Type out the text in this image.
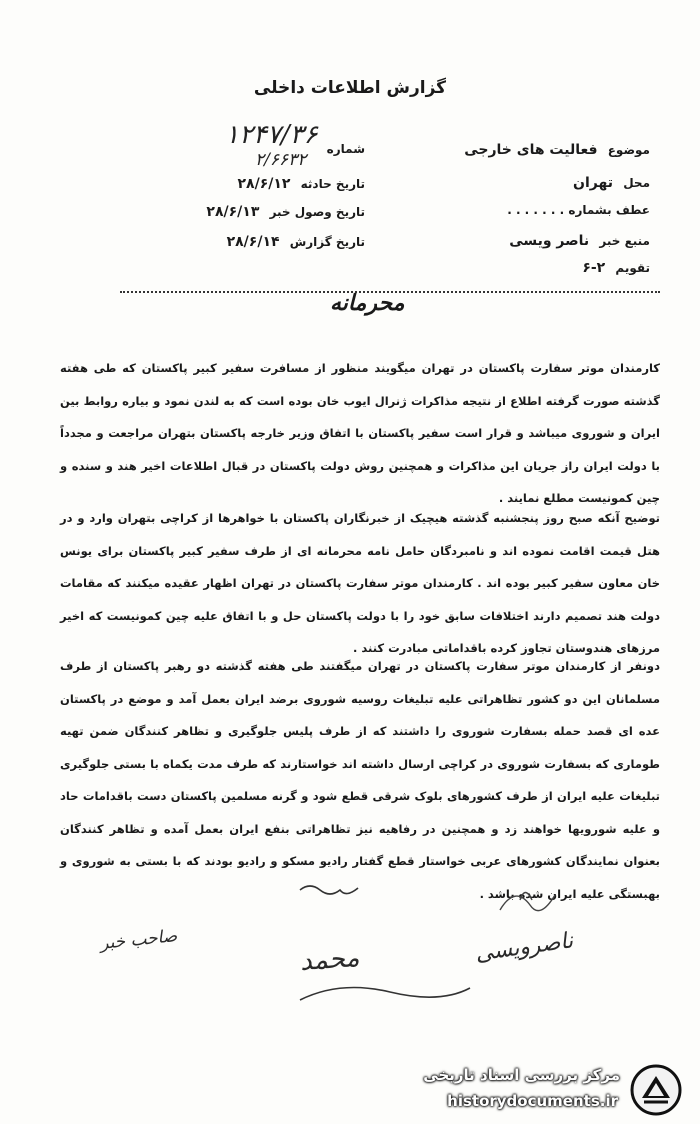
گزارش اطلاعات داخلی
موضوع فعالیت های خارجی
محل تهران
عطف بشماره . . . . . . .
منبع خبر ناصر ویسی
تقویم ۲-۶
شماره
۱۲۴۷/۳۶
۲/۶۶۳۲
تاریخ حادثه ۲۸/۶/۱۲
تاریخ وصول خبر ۲۸/۶/۱۳
تاریخ گزارش ۲۸/۶/۱۴
محرمانه

کارمندان موتر سفارت پاکستان در تهران میگویند منظور از مسافرت سفیر کبیر پاکستان که طی هفته گذشته صورت گرفته اطلاع از نتیجه مذاکرات ژنرال ایوب خان بوده است که به لندن نمود و بیاره روابط بین ایران و شوروی میباشد و قرار است سفیر پاکستان با اتفاق وزیر خارجه پاکستان بتهران مراجعت و مجدداً با دولت ایران راز جریان این مذاکرات و همچنین روش دولت پاکستان در قبال اطلاعات اخیر هند و سنده و چین کمونیست مطلع نمایند .

توضیح آنکه صبح روز پنجشنبه گذشته هیچیک از خبرنگاران پاکستان با خواهرها از کراچی بتهران وارد و در هتل قیمت اقامت نموده اند و نامبردگان حامل نامه محرمانه ای از طرف سفیر کبیر پاکستان برای یونس خان معاون سفیر کبیر بوده اند . کارمندان موتر سفارت پاکستان در تهران اظهار عقیده میکنند که مقامات دولت هند تصمیم دارند اختلافات سابق خود را با دولت پاکستان حل و با اتفاق علیه چین کمونیست که اخیر مرزهای هندوستان تجاوز کرده باقداماتی مبادرت کنند .

دونفر از کارمندان موتر سفارت پاکستان در تهران میگفتند طی هفته گذشته دو رهبر پاکستان از طرف مسلمانان این دو کشور تظاهراتی علیه تبلیغات روسیه شوروی برضد ایران بعمل آمد و موضع در پاکستان عده ای قصد حمله بسفارت شوروی را داشتند که از طرف پلیس جلوگیری و تظاهر کنندگان ضمن تهیه طوماری که بسفارت شوروی در کراچی ارسال داشته اند خواستارند که طرف مدت یکماه با بستی جلوگیری تبلیغات علیه ایران از طرف کشورهای بلوک شرقی قطع شود و گرنه مسلمین پاکستان دست باقدامات حاد و علیه شورویها خواهند زد و همچنین در رفاهیه نیز تظاهراتی بنفع ایران بعمل آمده و تظاهر کنندگان بعنوان نمایندگان کشورهای عربی خواستار قطع گفتار رادیو مسکو و رادیو بودند که با بستی به شوروی و بهبستگی علیه ایران شده باشد .

صاحب خبر
محمد	ناصرویسی
مرکز بررسی اسناد تاریخی
historydocuments.ir
